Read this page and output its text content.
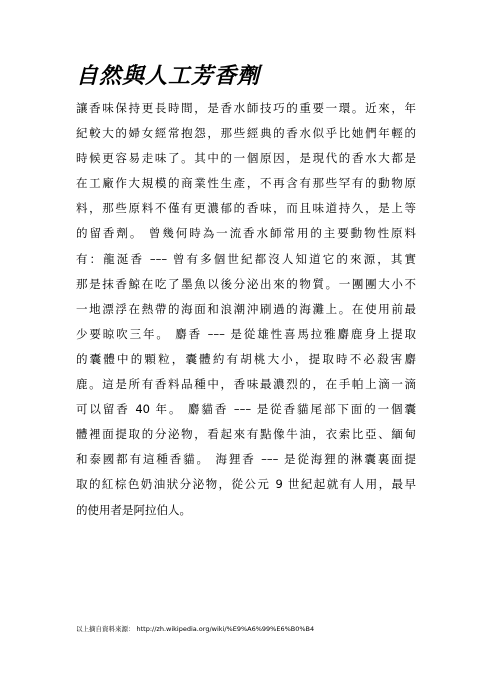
自然與人工芳香劑
讓香味保持更長時間，是香水師技巧的重要一環。近來，年
紀較大的婦女經常抱怨，那些經典的香水似乎比她們年輕的
時候更容易走味了。其中的一個原因，是現代的香水大都是
在工廠作大規模的商業性生產，不再含有那些罕有的動物原
料，那些原料不僅有更濃郁的香味，而且味道持久，是上等
的留香劑。 曾幾何時為一流香水師常用的主要動物性原料
有：龍涎香 ––– 曾有多個世紀都沒人知道它的來源，其實
那是抹香鯨在吃了墨魚以後分泌出來的物質。一團團大小不
一地漂浮在熱帶的海面和浪潮沖刷過的海灘上。在使用前最
少要晾吹三年。 麝香 ––– 是從雄性喜馬拉雅麝鹿身上提取
的囊體中的顆粒，囊體約有胡桃大小，提取時不必殺害麝
鹿。這是所有香料品種中，香味最濃烈的，在手帕上滴一滴
可以留香 40 年。 麝貓香 ––– 是從香貓尾部下面的一個囊
體裡面提取的分泌物，看起來有點像牛油，衣索比亞、緬甸
和泰國都有這種香貓。 海狸香 ––– 是從海狸的淋囊裏面提
取的紅棕色奶油狀分泌物，從公元 9 世紀起就有人用，最早
的使用者是阿拉伯人。
以上摘自資料來源： http://zh.wikipedia.org/wiki/%E9%A6%99%E6%B0%B4
